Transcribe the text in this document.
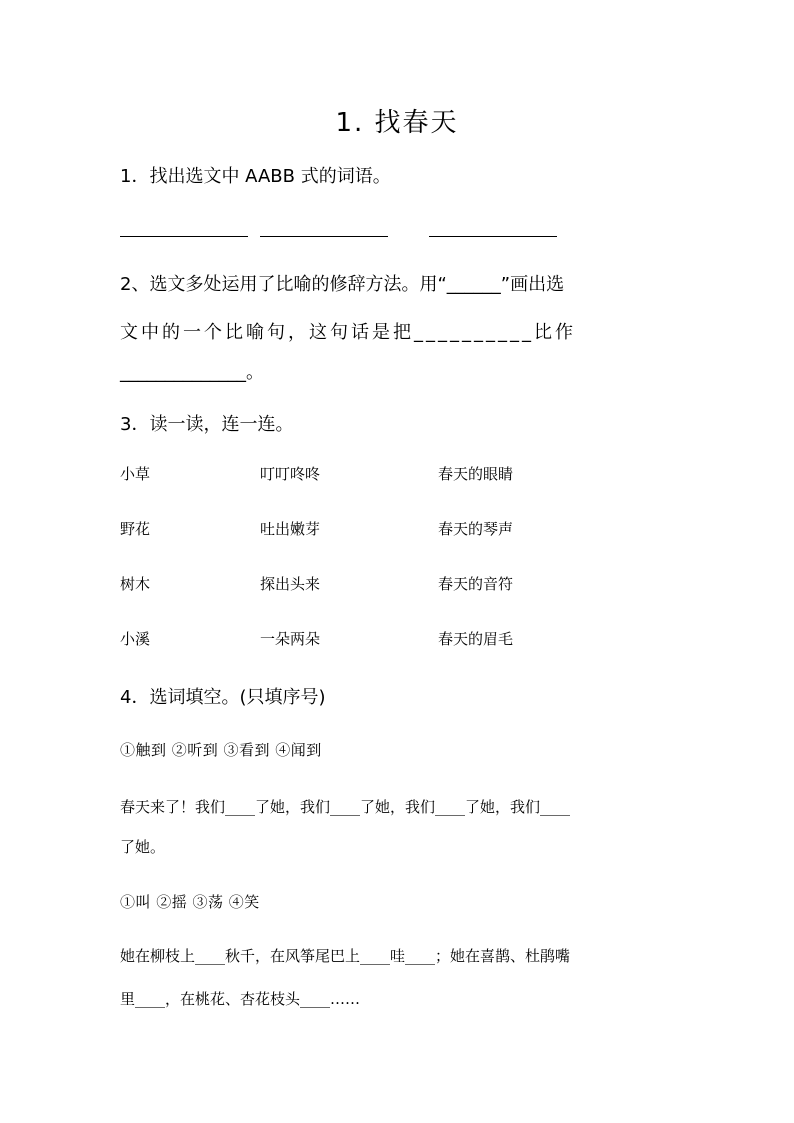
1. 找春天
1．找出选文中 AABB 式的词语。
2、选文多处运用了比喻的修辞方法。用“______”画出选
文中的一个比喻句，这句话是把__________比作
______________。
3．读一读，连一连。
小草	叮叮咚咚	春天的眼睛
野花	吐出嫩芽	春天的琴声
树木	探出头来	春天的音符
小溪	一朵两朵	春天的眉毛
4．选词填空。(只填序号)
①触到 ②听到 ③看到 ④闻到
春天来了！我们____了她，我们____了她，我们____了她，我们____
了她。
①叫 ②摇 ③荡 ④笑
她在柳枝上____秋千，在风筝尾巴上____哇____；她在喜鹊、杜鹃嘴
里____，在桃花、杏花枝头____……
